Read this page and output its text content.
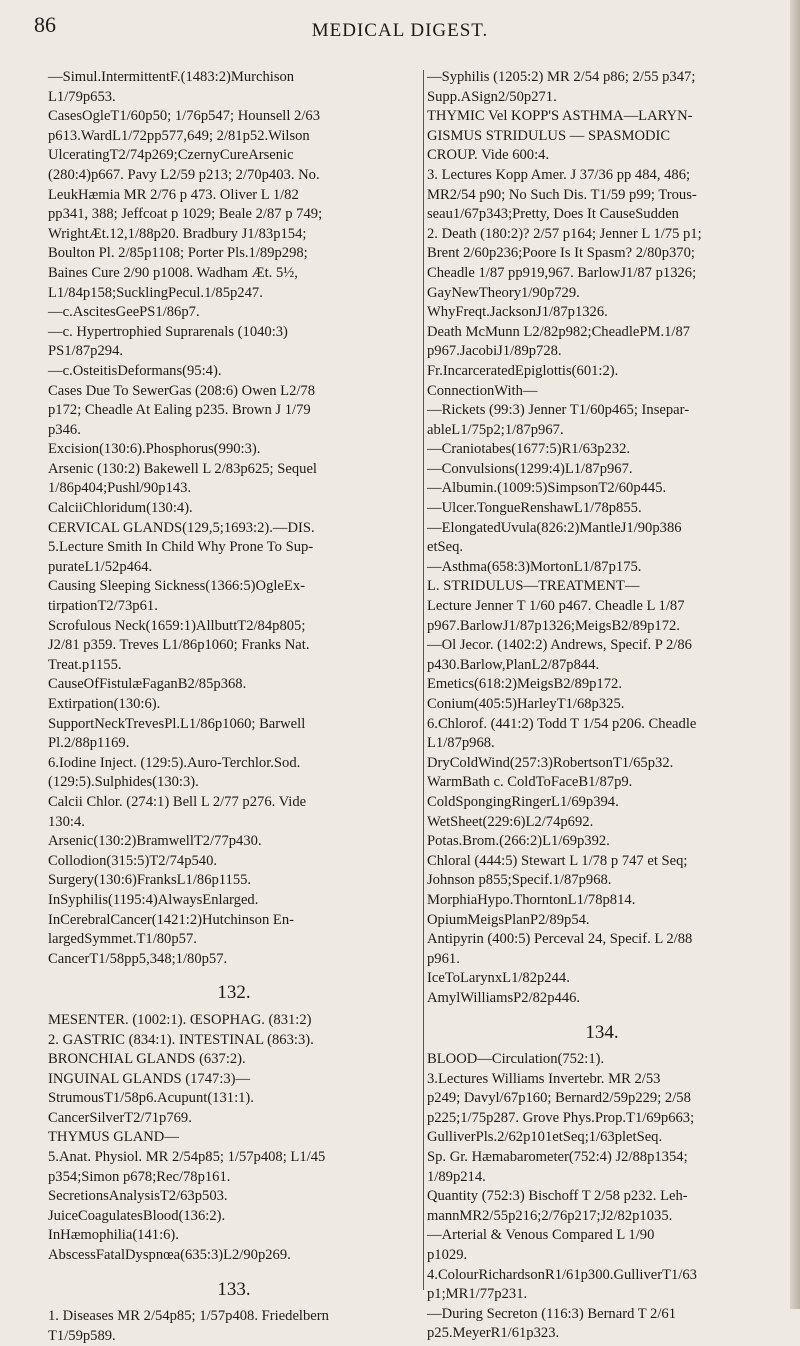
86	MEDICAL DIGEST.
—Simul.IntermittentF.(1483:2)Murchison
L1/79p653.
CasesOgleT1/60p50; 1/76p547; Hounsell 2/63
p613.WardL1/72pp577,649; 2/81p52.Wilson
UlceratingT2/74p269;CzernyCureArsenic
(280:4)p667. Pavy L2/59 p213; 2/70p403. No.
LeukHæmia MR 2/76 p 473. Oliver L 1/82
pp341, 388; Jeffcoat p 1029; Beale 2/87 p 749;
WrightÆt.12,1/88p20. Bradbury J1/83p154;
Boulton Pl. 2/85p1108; Porter Pls.1/89p298;
Baines Cure 2/90 p1008. Wadham Æt. 5½,
L1/84p158;SucklingPecul.1/85p247.
—c.AscitesGeePS1/86p7.
—c. Hypertrophied Suprarenals (1040:3)
PS1/87p294.
—c.OsteitisDeformans(95:4).
Cases Due To SewerGas (208:6) Owen L2/78
p172; Cheadle At Ealing p235. Brown J 1/79
p346.
Excision(130:6).Phosphorus(990:3).
Arsenic (130:2) Bakewell L 2/83p625; Sequel
1/86p404;Pushl/90p143.
CalciiChloridum(130:4).
CERVICAL GLANDS(129,5;1693:2).—DIS.
5.Lecture Smith In Child Why Prone To Sup-
purateL1/52p464.
Causing Sleeping Sickness(1366:5)OgleEx-
tirpationT2/73p61.
Scrofulous Neck(1659:1)AllbuttT2/84p805;
J2/81 p359. Treves L1/86p1060; Franks Nat.
Treat.p1155.
CauseOfFistulæFaganB2/85p368.
Extirpation(130:6).
SupportNeckTrevesPl.L1/86p1060; Barwell
Pl.2/88p1169.
6.Iodine Inject. (129:5).Auro-Terchlor.Sod.
(129:5).Sulphides(130:3).
Calcii Chlor. (274:1) Bell L 2/77 p276. Vide
130:4.
Arsenic(130:2)BramwellT2/77p430.
Collodion(315:5)T2/74p540.
Surgery(130:6)FranksL1/86p1155.
InSyphilis(1195:4)AlwaysEnlarged.
InCerebralCancer(1421:2)Hutchinson En-
largedSymmet.T1/80p57.
CancerT1/58pp5,348;1/80p57.
132.
MESENTER. (1002:1). ŒSOPHAG. (831:2)
2. GASTRIC (834:1). INTESTINAL (863:3).
BRONCHIAL GLANDS (637:2).
INGUINAL GLANDS (1747:3)—
StrumousT1/58p6.Acupunt(131:1).
CancerSilverT2/71p769.
THYMUS GLAND—
5.Anat. Physiol. MR 2/54p85; 1/57p408; L1/45
p354;Simon p678;Rec/78p161.
SecretionsAnalysisT2/63p503.
JuiceCoagulatesBlood(136:2).
InHæmophilia(141:6).
AbscessFatalDyspnœa(635:3)L2/90p269.
133.
1. Diseases MR 2/54p85; 1/57p408. Friedelbern
T1/59p589.
—Syphilis (1205:2) MR 2/54 p86; 2/55 p347;
Supp.ASign2/50p271.
THYMIC Vel KOPP'S ASTHMA—LARYN-
GISMUS STRIDULUS — SPASMODIC
CROUP. Vide 600:4.
3. Lectures Kopp Amer. J 37/36 pp 484, 486;
MR2/54 p90; No Such Dis. T1/59 p99; Trous-
seau1/67p343;Pretty, Does It CauseSudden
2. Death (180:2)? 2/57 p164; Jenner L 1/75 p1;
Brent 2/60p236;Poore Is It Spasm? 2/80p370;
Cheadle 1/87 pp919,967. BarlowJ1/87 p1326;
GayNewTheory1/90p729.
WhyFreqt.JacksonJ1/87p1326.
Death McMunn L2/82p982;CheadlePM.1/87
p967.JacobiJ1/89p728.
Fr.IncarceratedEpiglottis(601:2).
ConnectionWith—
—Rickets (99:3) Jenner T1/60p465; Insepar-
ableL1/75p2;1/87p967.
—Craniotabes(1677:5)R1/63p232.
—Convulsions(1299:4)L1/87p967.
—Albumin.(1009:5)SimpsonT2/60p445.
—Ulcer.TongueRenshawL1/78p855.
—ElongatedUvula(826:2)MantleJ1/90p386
etSeq.
—Asthma(658:3)MortonL1/87p175.
L. STRIDULUS—TREATMENT—
Lecture Jenner T 1/60 p467. Cheadle L 1/87
p967.BarlowJ1/87p1326;MeigsB2/89p172.
—Ol Jecor. (1402:2) Andrews, Specif. P 2/86
p430.Barlow,PlanL2/87p844.
Emetics(618:2)MeigsB2/89p172.
Conium(405:5)HarleyT1/68p325.
6.Chlorof. (441:2) Todd T 1/54 p206. Cheadle
L1/87p968.
DryColdWind(257:3)RobertsonT1/65p32.
WarmBath c. ColdToFaceB1/87p9.
ColdSpongingRingerL1/69p394.
WetSheet(229:6)L2/74p692.
Potas.Brom.(266:2)L1/69p392.
Chloral (444:5) Stewart L 1/78 p 747 et Seq;
Johnson p855;Specif.1/87p968.
MorphiaHypo.ThorntonL1/78p814.
OpiumMeigsPlanP2/89p54.
Antipyrin (400:5) Perceval 24, Specif. L 2/88
p961.
IceToLarynxL1/82p244.
AmylWilliamsP2/82p446.
134.
BLOOD—Circulation(752:1).
3.Lectures Williams Invertebr. MR 2/53
p249; Davyl/67p160; Bernard2/59p229; 2/58
p225;1/75p287. Grove Phys.Prop.T1/69p663;
GulliverPls.2/62p101etSeq;1/63pletSeq.
Sp. Gr. Hæmabarometer(752:4) J2/88p1354;
1/89p214.
Quantity (752:3) Bischoff T 2/58 p232. Leh-
mannMR2/55p216;2/76p217;J2/82p1035.
—Arterial & Venous Compared L 1/90
p1029.
4.ColourRichardsonR1/61p300.GulliverT1/63
p1;MR1/77p231.
—During Secreton (116:3) Bernard T 2/61
p25.MeyerR1/61p323.
